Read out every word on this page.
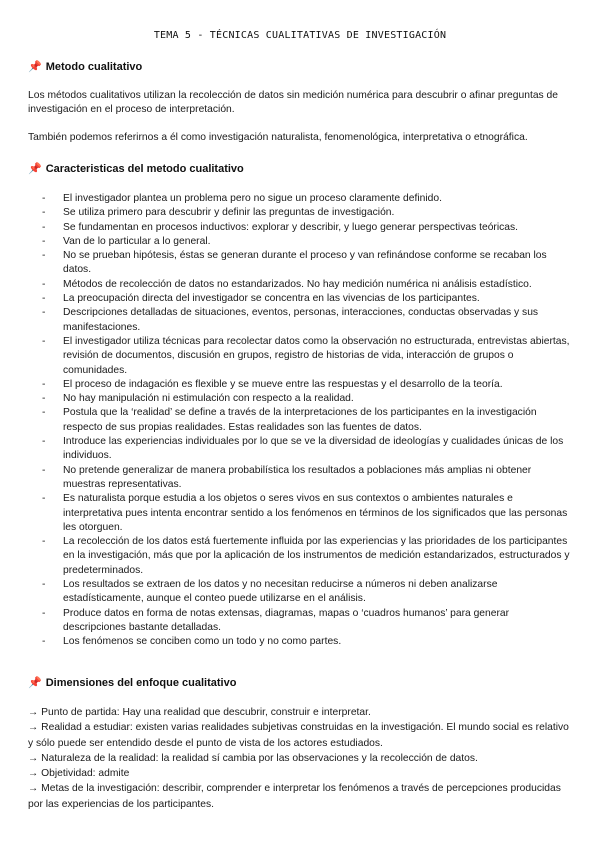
TEMA 5 - TÉCNICAS CUALITATIVAS DE INVESTIGACIÓN
📌 Metodo cualitativo
Los métodos cualitativos utilizan la recolección de datos sin medición numérica para descubrir o afinar preguntas de investigación en el proceso de interpretación.
También podemos referirnos a él como investigación naturalista, fenomenológica, interpretativa o etnográfica.
📌 Caracteristicas del metodo cualitativo
- El investigador plantea un problema pero no sigue un proceso claramente definido.
- Se utiliza primero para descubrir y definir las preguntas de investigación.
- Se fundamentan en procesos inductivos: explorar y describir, y luego generar perspectivas teóricas.
- Van de lo particular a lo general.
- No se prueban hipótesis, éstas se generan durante el proceso y van refinándose conforme se recaban los datos.
- Métodos de recolección de datos no estandarizados. No hay medición numérica ni análisis estadístico.
- La preocupación directa del investigador se concentra en las vivencias de los participantes.
- Descripciones detalladas de situaciones, eventos, personas, interacciones, conductas observadas y sus manifestaciones.
- El investigador utiliza técnicas para recolectar datos como la observación no estructurada, entrevistas abiertas, revisión de documentos, discusión en grupos, registro de historias de vida, interacción de grupos o comunidades.
- El proceso de indagación es flexible y se mueve entre las respuestas y el desarrollo de la teoría.
- No hay manipulación ni estimulación con respecto a la realidad.
- Postula que la ‘realidad’ se define a través de la interpretaciones de los participantes en la investigación respecto de sus propias realidades. Estas realidades son las fuentes de datos.
- Introduce las experiencias individuales por lo que se ve la diversidad de ideologías y cualidades únicas de los individuos.
- No pretende generalizar de manera probabilística los resultados a poblaciones más amplias ni obtener muestras representativas.
- Es naturalista porque estudia a los objetos o seres vivos en sus contextos o ambientes naturales e interpretativa pues intenta encontrar sentido a los fenómenos en términos de los significados que las personas les otorguen.
- La recolección de los datos está fuertemente influida por las experiencias y las prioridades de los participantes en la investigación, más que por la aplicación de los instrumentos de medición estandarizados, estructurados y predeterminados.
- Los resultados se extraen de los datos y no necesitan reducirse a números ni deben analizarse estadísticamente, aunque el conteo puede utilizarse en el análisis.
- Produce datos en forma de notas extensas, diagramas, mapas o ‘cuadros humanos’ para generar descripciones bastante detalladas.
- Los fenómenos se conciben como un todo y no como partes.
📌 Dimensiones del enfoque cualitativo
→ Punto de partida: Hay una realidad que descubrir, construir e interpretar.
→ Realidad a estudiar: existen varias realidades subjetivas construidas en la investigación. El mundo social es relativo y sólo puede ser entendido desde el punto de vista de los actores estudiados.
→ Naturaleza de la realidad: la realidad sí cambia por las observaciones y la recolección de datos.
→ Objetividad: admite
→ Metas de la investigación: describir, comprender e interpretar los fenómenos a través de percepciones producidas por las experiencias de los participantes.
